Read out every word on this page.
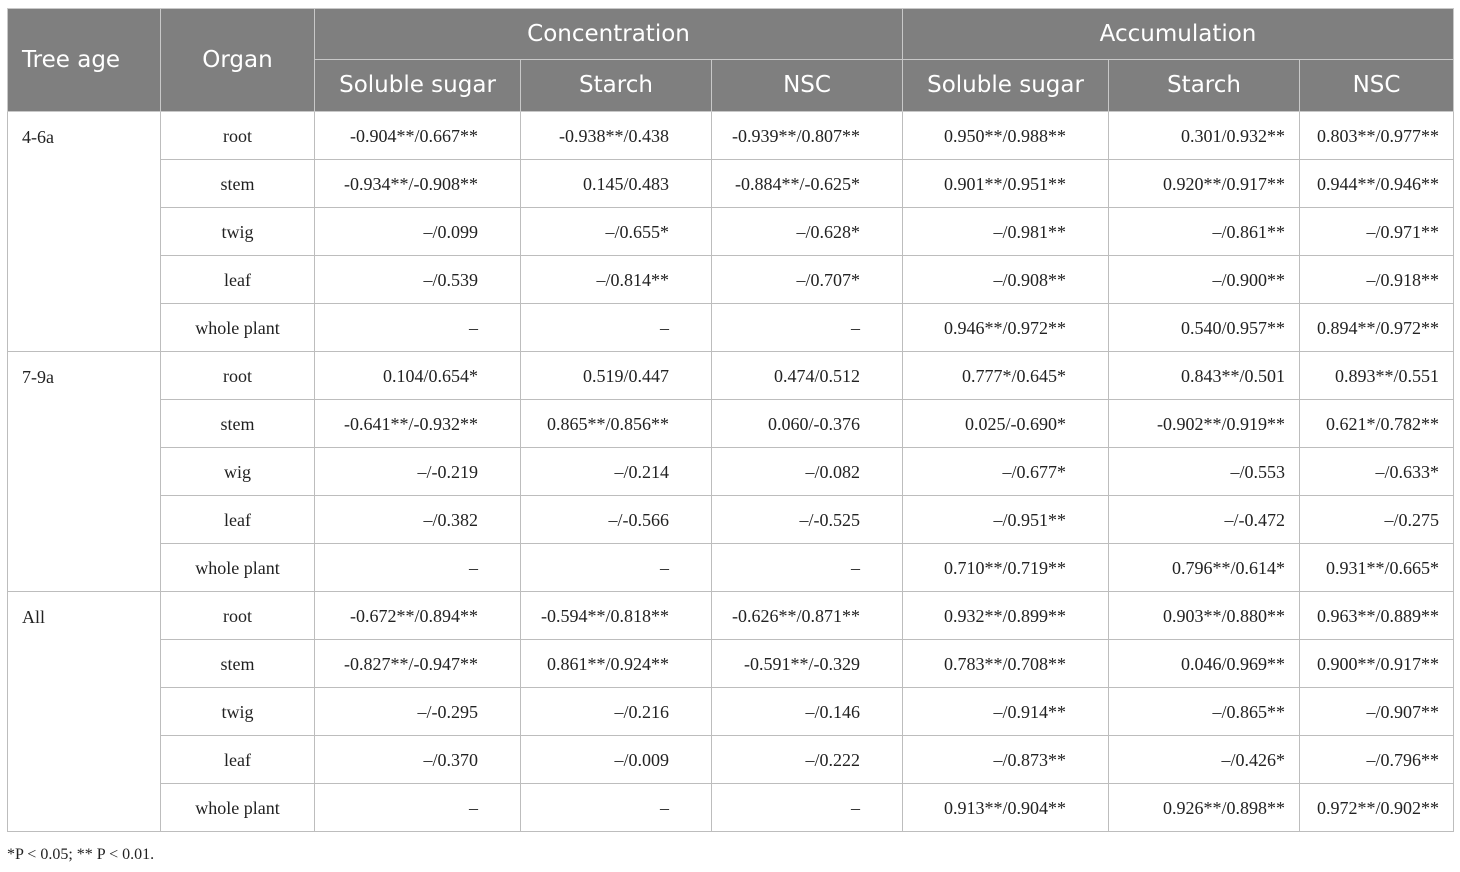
Tree age	Organ	Concentration			Accumulation		
		Soluble sugar	Starch	NSC	Soluble sugar	Starch	NSC
4-6a	root	-0.904**/0.667**	-0.938**/0.438	-0.939**/0.807**	0.950**/0.988**	0.301/0.932**	0.803**/0.977**
	stem	-0.934**/-0.908**	0.145/0.483	-0.884**/-0.625*	0.901**/0.951**	0.920**/0.917**	0.944**/0.946**
	twig	–/0.099	–/0.655*	–/0.628*	–/0.981**	–/0.861**	–/0.971**
	leaf	–/0.539	–/0.814**	–/0.707*	–/0.908**	–/0.900**	–/0.918**
	whole plant	–	–	–	0.946**/0.972**	0.540/0.957**	0.894**/0.972**
7-9a	root	0.104/0.654*	0.519/0.447	0.474/0.512	0.777*/0.645*	0.843**/0.501	0.893**/0.551
	stem	-0.641**/-0.932**	0.865**/0.856**	0.060/-0.376	0.025/-0.690*	-0.902**/0.919**	0.621*/0.782**
	wig	–/-0.219	–/0.214	–/0.082	–/0.677*	–/0.553	–/0.633*
	leaf	–/0.382	–/-0.566	–/-0.525	–/0.951**	–/-0.472	–/0.275
	whole plant	–	–	–	0.710**/0.719**	0.796**/0.614*	0.931**/0.665*
All	root	-0.672**/0.894**	-0.594**/0.818**	-0.626**/0.871**	0.932**/0.899**	0.903**/0.880**	0.963**/0.889**
	stem	-0.827**/-0.947**	0.861**/0.924**	-0.591**/-0.329	0.783**/0.708**	0.046/0.969**	0.900**/0.917**
	twig	–/-0.295	–/0.216	–/0.146	–/0.914**	–/0.865**	–/0.907**
	leaf	–/0.370	–/0.009	–/0.222	–/0.873**	–/0.426*	–/0.796**
	whole plant	–	–	–	0.913**/0.904**	0.926**/0.898**	0.972**/0.902**
*P < 0.05; ** P < 0.01.
